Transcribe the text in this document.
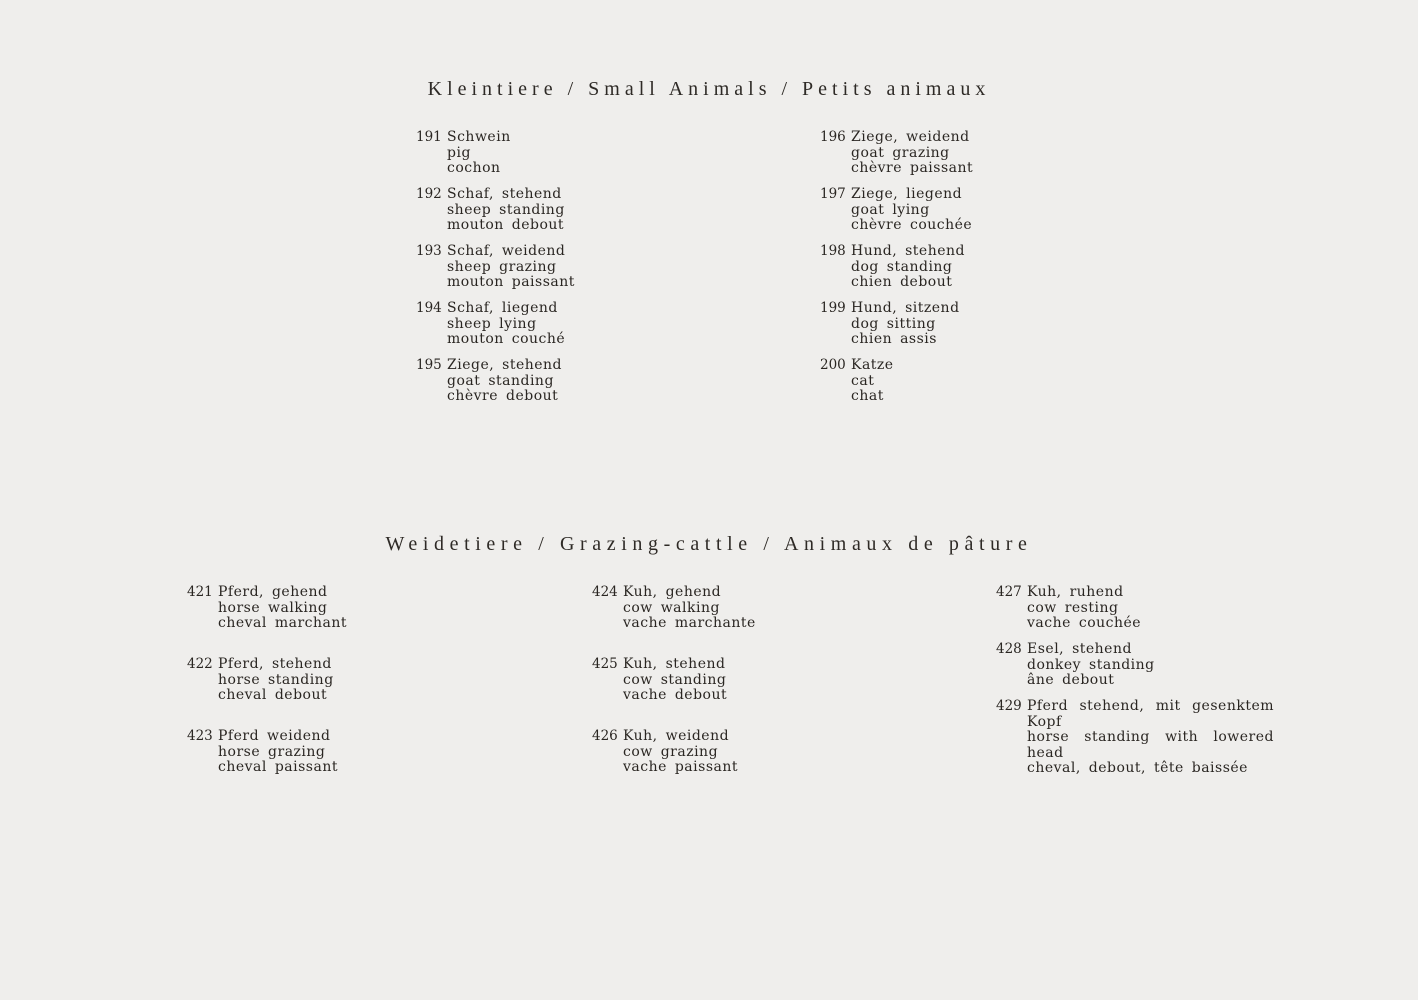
Kleintiere / Small Animals / Petits animaux
191 Schwein
pig
cochon
192 Schaf, stehend
sheep standing
mouton debout
193 Schaf, weidend
sheep grazing
mouton paissant
194 Schaf, liegend
sheep lying
mouton couché
195 Ziege, stehend
goat standing
chèvre debout
196 Ziege, weidend
goat grazing
chèvre paissant
197 Ziege, liegend
goat lying
chèvre couchée
198 Hund, stehend
dog standing
chien debout
199 Hund, sitzend
dog sitting
chien assis
200 Katze
cat
chat
Weidetiere / Grazing-cattle / Animaux de pâture
421 Pferd, gehend
horse walking
cheval marchant
422 Pferd, stehend
horse standing
cheval debout
423 Pferd weidend
horse grazing
cheval paissant
424 Kuh, gehend
cow walking
vache marchante
425 Kuh, stehend
cow standing
vache debout
426 Kuh, weidend
cow grazing
vache paissant
427 Kuh, ruhend
cow resting
vache couchée
428 Esel, stehend
donkey standing
âne debout
429 Pferd stehend, mit gesenktem Kopf
horse standing with lowered head
cheval, debout, tête baissée
